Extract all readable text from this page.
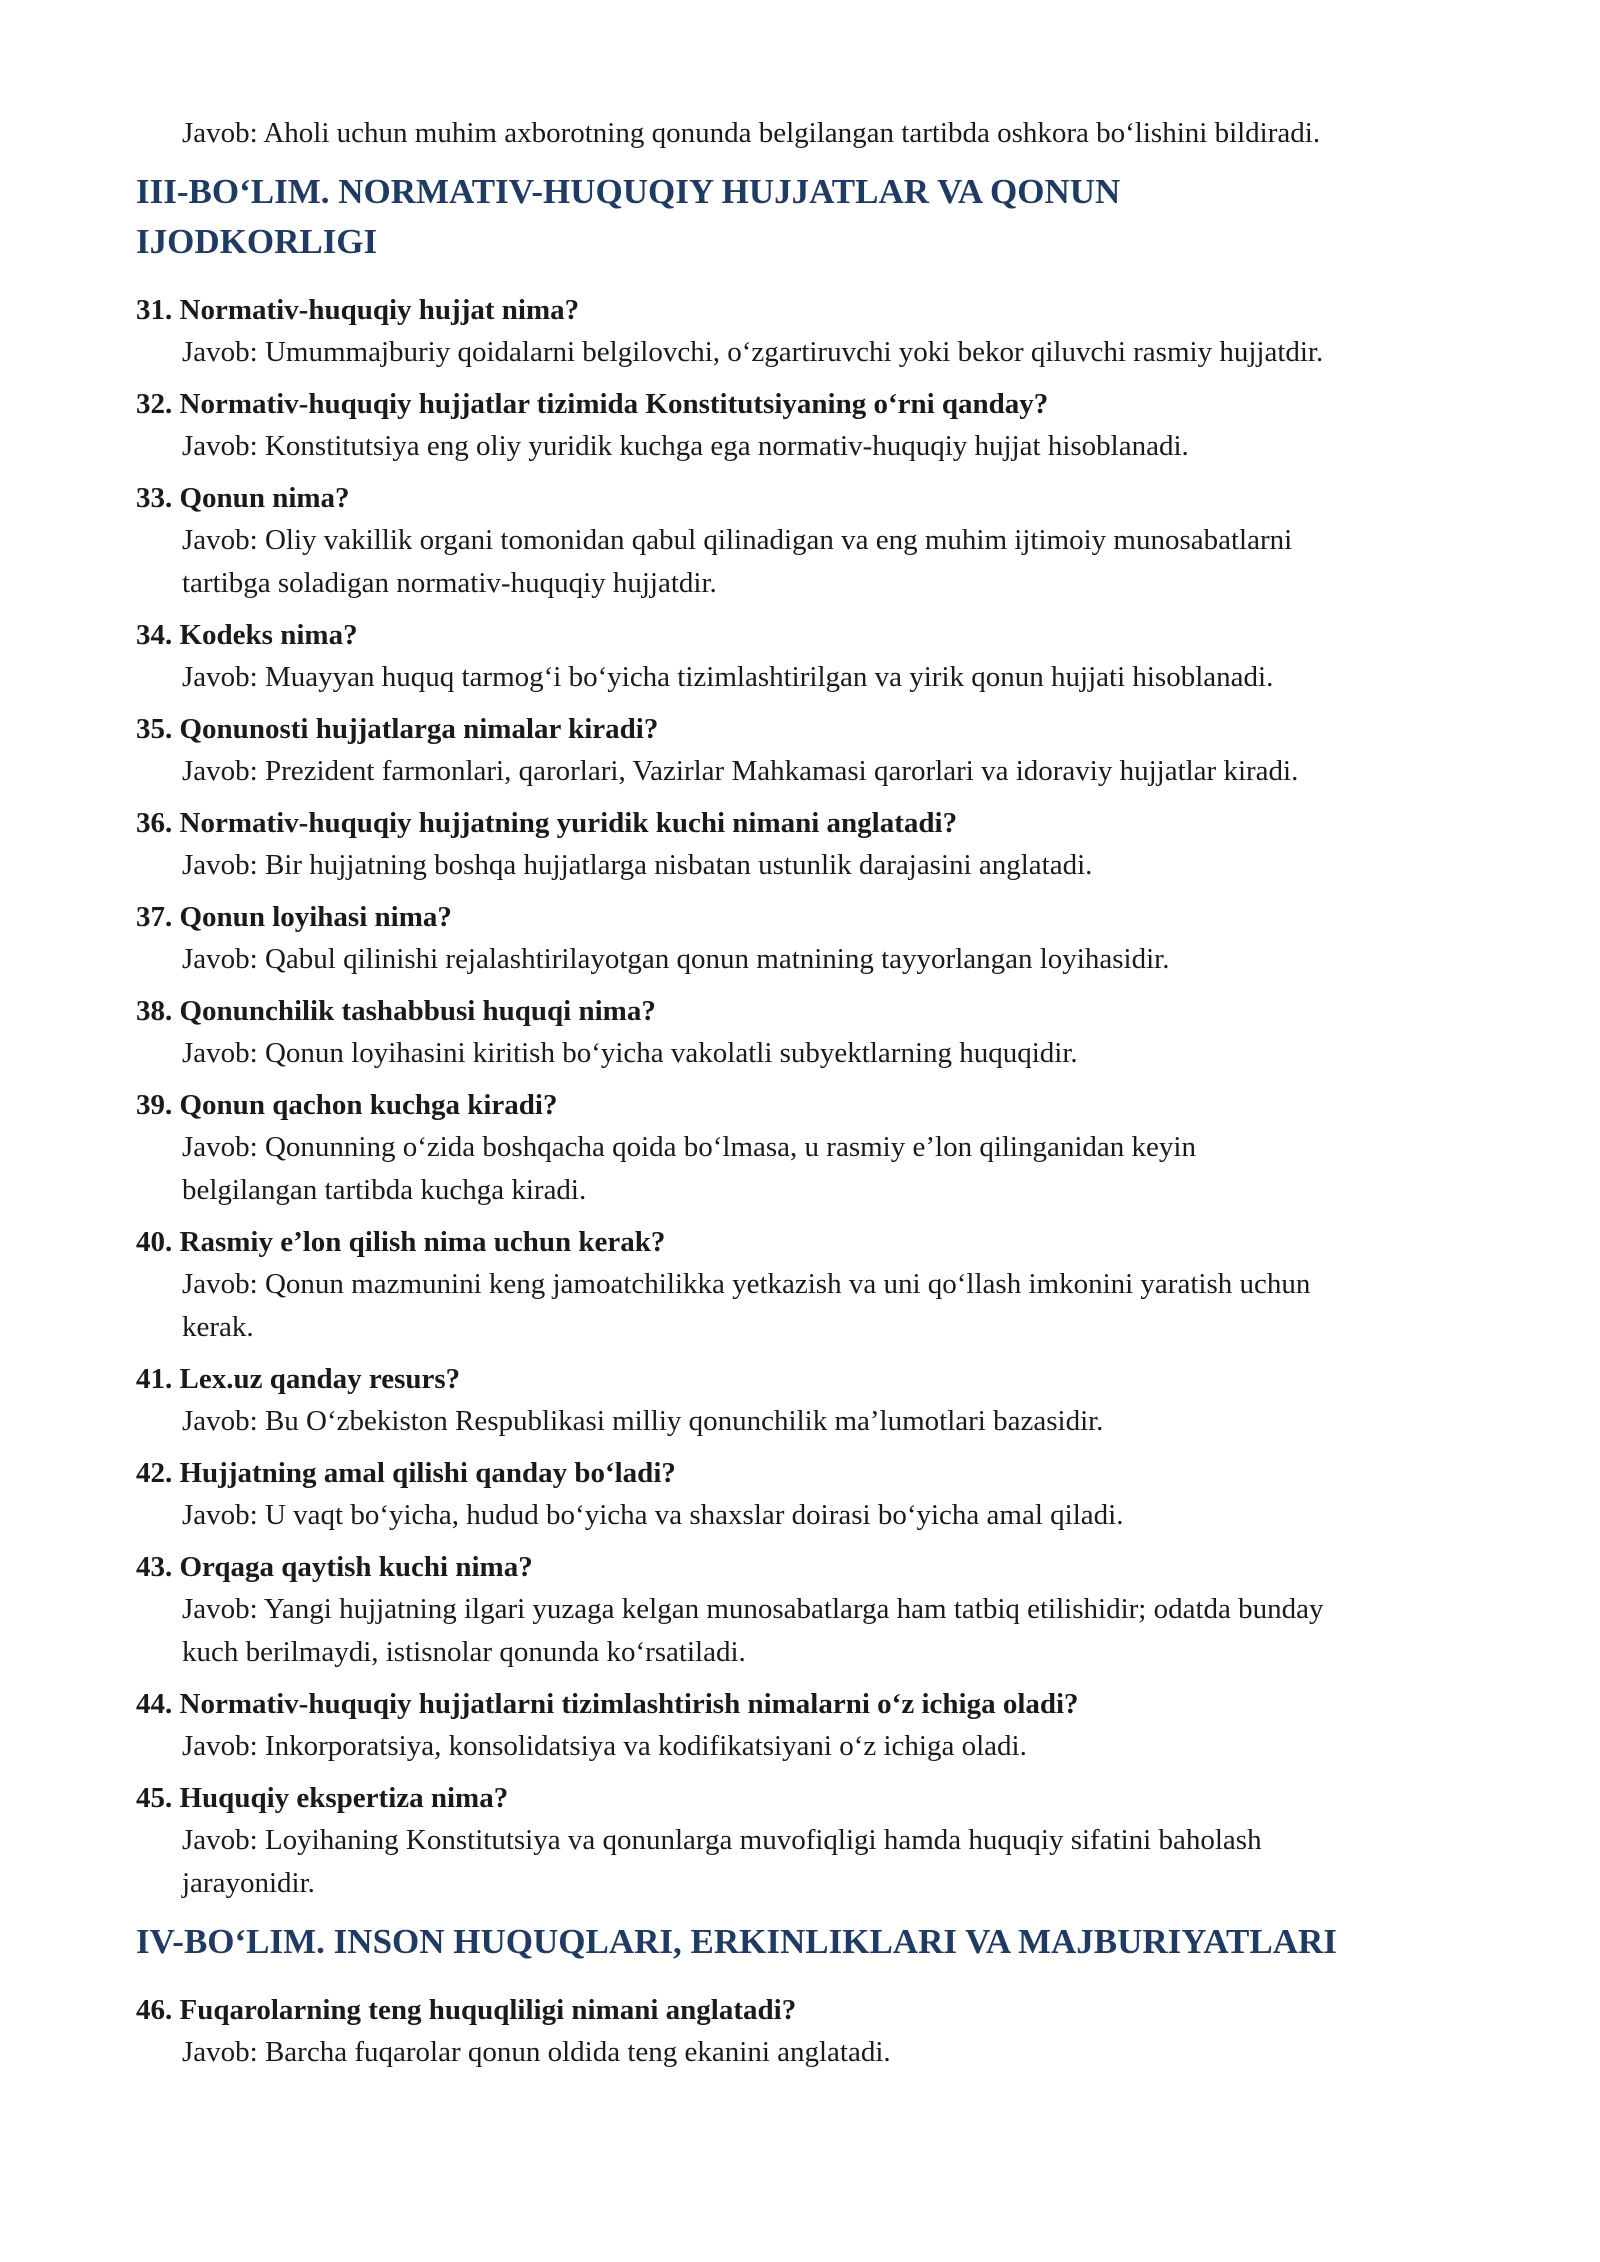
Javob: Aholi uchun muhim axborotning qonunda belgilangan tartibda oshkora bo‘lishini bildiradi.
III-BO‘LIM. NORMATIV-HUQUQIY HUJJATLAR VA QONUN
IJODKORLIGI
31. Normativ-huquqiy hujjat nima?
Javob: Umummajburiy qoidalarni belgilovchi, o‘zgartiruvchi yoki bekor qiluvchi rasmiy hujjatdir.
32. Normativ-huquqiy hujjatlar tizimida Konstitutsiyaning o‘rni qanday?
Javob: Konstitutsiya eng oliy yuridik kuchga ega normativ-huquqiy hujjat hisoblanadi.
33. Qonun nima?
Javob: Oliy vakillik organi tomonidan qabul qilinadigan va eng muhim ijtimoiy munosabatlarni
tartibga soladigan normativ-huquqiy hujjatdir.
34. Kodeks nima?
Javob: Muayyan huquq tarmog‘i bo‘yicha tizimlashtirilgan va yirik qonun hujjati hisoblanadi.
35. Qonunosti hujjatlarga nimalar kiradi?
Javob: Prezident farmonlari, qarorlari, Vazirlar Mahkamasi qarorlari va idoraviy hujjatlar kiradi.
36. Normativ-huquqiy hujjatning yuridik kuchi nimani anglatadi?
Javob: Bir hujjatning boshqa hujjatlarga nisbatan ustunlik darajasini anglatadi.
37. Qonun loyihasi nima?
Javob: Qabul qilinishi rejalashtirilayotgan qonun matnining tayyorlangan loyihasidir.
38. Qonunchilik tashabbusi huquqi nima?
Javob: Qonun loyihasini kiritish bo‘yicha vakolatli subyektlarning huquqidir.
39. Qonun qachon kuchga kiradi?
Javob: Qonunning o‘zida boshqacha qoida bo‘lmasa, u rasmiy e’lon qilinganidan keyin
belgilangan tartibda kuchga kiradi.
40. Rasmiy e’lon qilish nima uchun kerak?
Javob: Qonun mazmunini keng jamoatchilikka yetkazish va uni qo‘llash imkonini yaratish uchun
kerak.
41. Lex.uz qanday resurs?
Javob: Bu O‘zbekiston Respublikasi milliy qonunchilik ma’lumotlari bazasidir.
42. Hujjatning amal qilishi qanday bo‘ladi?
Javob: U vaqt bo‘yicha, hudud bo‘yicha va shaxslar doirasi bo‘yicha amal qiladi.
43. Orqaga qaytish kuchi nima?
Javob: Yangi hujjatning ilgari yuzaga kelgan munosabatlarga ham tatbiq etilishidir; odatda bunday
kuch berilmaydi, istisnolar qonunda ko‘rsatiladi.
44. Normativ-huquqiy hujjatlarni tizimlashtirish nimalarni o‘z ichiga oladi?
Javob: Inkorporatsiya, konsolidatsiya va kodifikatsiyani o‘z ichiga oladi.
45. Huquqiy ekspertiza nima?
Javob: Loyihaning Konstitutsiya va qonunlarga muvofiqligi hamda huquqiy sifatini baholash
jarayonidir.
IV-BO‘LIM. INSON HUQUQLARI, ERKINLIKLARI VA MAJBURIYATLARI
46. Fuqarolarning teng huquqliligi nimani anglatadi?
Javob: Barcha fuqarolar qonun oldida teng ekanini anglatadi.
